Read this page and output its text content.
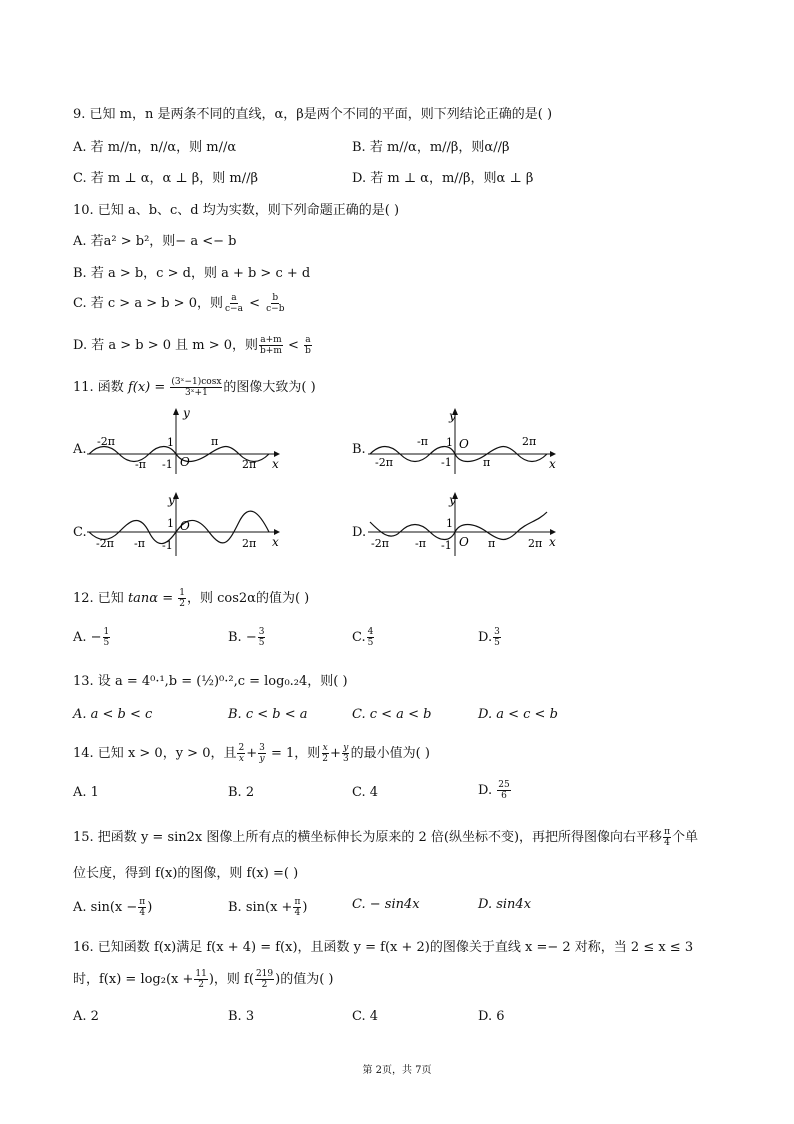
9. 已知 m，n 是两条不同的直线，α，β是两个不同的平面，则下列结论正确的是( )
A. 若 m//n，n//α，则 m//α	B. 若 m//α，m//β，则α//β
C. 若 m ⊥ α，α ⊥ β，则 m//β	D. 若 m ⊥ α，m//β，则α ⊥ β
10. 已知 a、b、c、d 均为实数，则下列命题正确的是( )
A. 若a² > b²，则− a <− b
B. 若 a > b，c > d，则 a + b > c + d
C. 若 c > a > b > 0，则 $\frac{a}{c-a} < \frac{b}{c-b}$
D. 若 a > b > 0 且 m > 0，则 $\frac{a+m}{b+m} < \frac{a}{b}$
11. 函数 $f(x) = \frac{\text{(3ˣ−1)cosx}}{\text{3ˣ+1}}$ 的图像大致为( )
A.	B.
C.	D.
y
x
O
1
-1
-2π
-π
π
2π
y
x
O
1
-1
-2π
-π
π
2π
y
x
O
1
-1
-2π -π	2π
y
x
O
1
-1
-2π -π	π	2π
12. 已知 $\tan\alpha = \frac{1}{2}$ ，则 cos2α的值为( )
A. − $\frac{1}{5}$	B. − $\frac{3}{5}$	C. $\frac{4}{5}$	D. $\frac{3}{5}$
13. 设 a = 4⁰·¹,b = (½)⁰·²,c = log₀.₂4，则( )
A. a < b < c	B. c < b < a	C. c < a < b	D. a < c < b
14. 已知 x > 0，y > 0，且 $\frac{2}{x} + \frac{3}{y} = 1$，则 $\frac{x}{2} + \frac{y}{3}$ 的最小值为( )
A. 1	B. 2	C. 4	D. $\frac{25}{6}$
15. 把函数 y = sin2x 图像上所有点的横坐标伸长为原来的 2 倍(纵坐标不变)，再把所得图像向右平移 $\frac{\pi}{4}$ 个单
位长度，得到 f(x)的图像，则 f(x) =( )
A. $\sin(x - \frac{\pi}{4}$ )	B. $\sin(x + \frac{\pi}{4}$ )	C. − sin4x	D. sin4x
16. 已知函数 f(x)满足 f(x + 4) = f(x)，且函数 y = f(x + 2)的图像关于直线 x =− 2 对称，当 2 ≤ x ≤ 3
时，$f(x) = \log_2(x + \frac{11}{2}$ )，则 $f( \frac{219}{2}$ )的值为( )
A. 2	B. 3	C. 4	D. 6
第 2页，共 7页
